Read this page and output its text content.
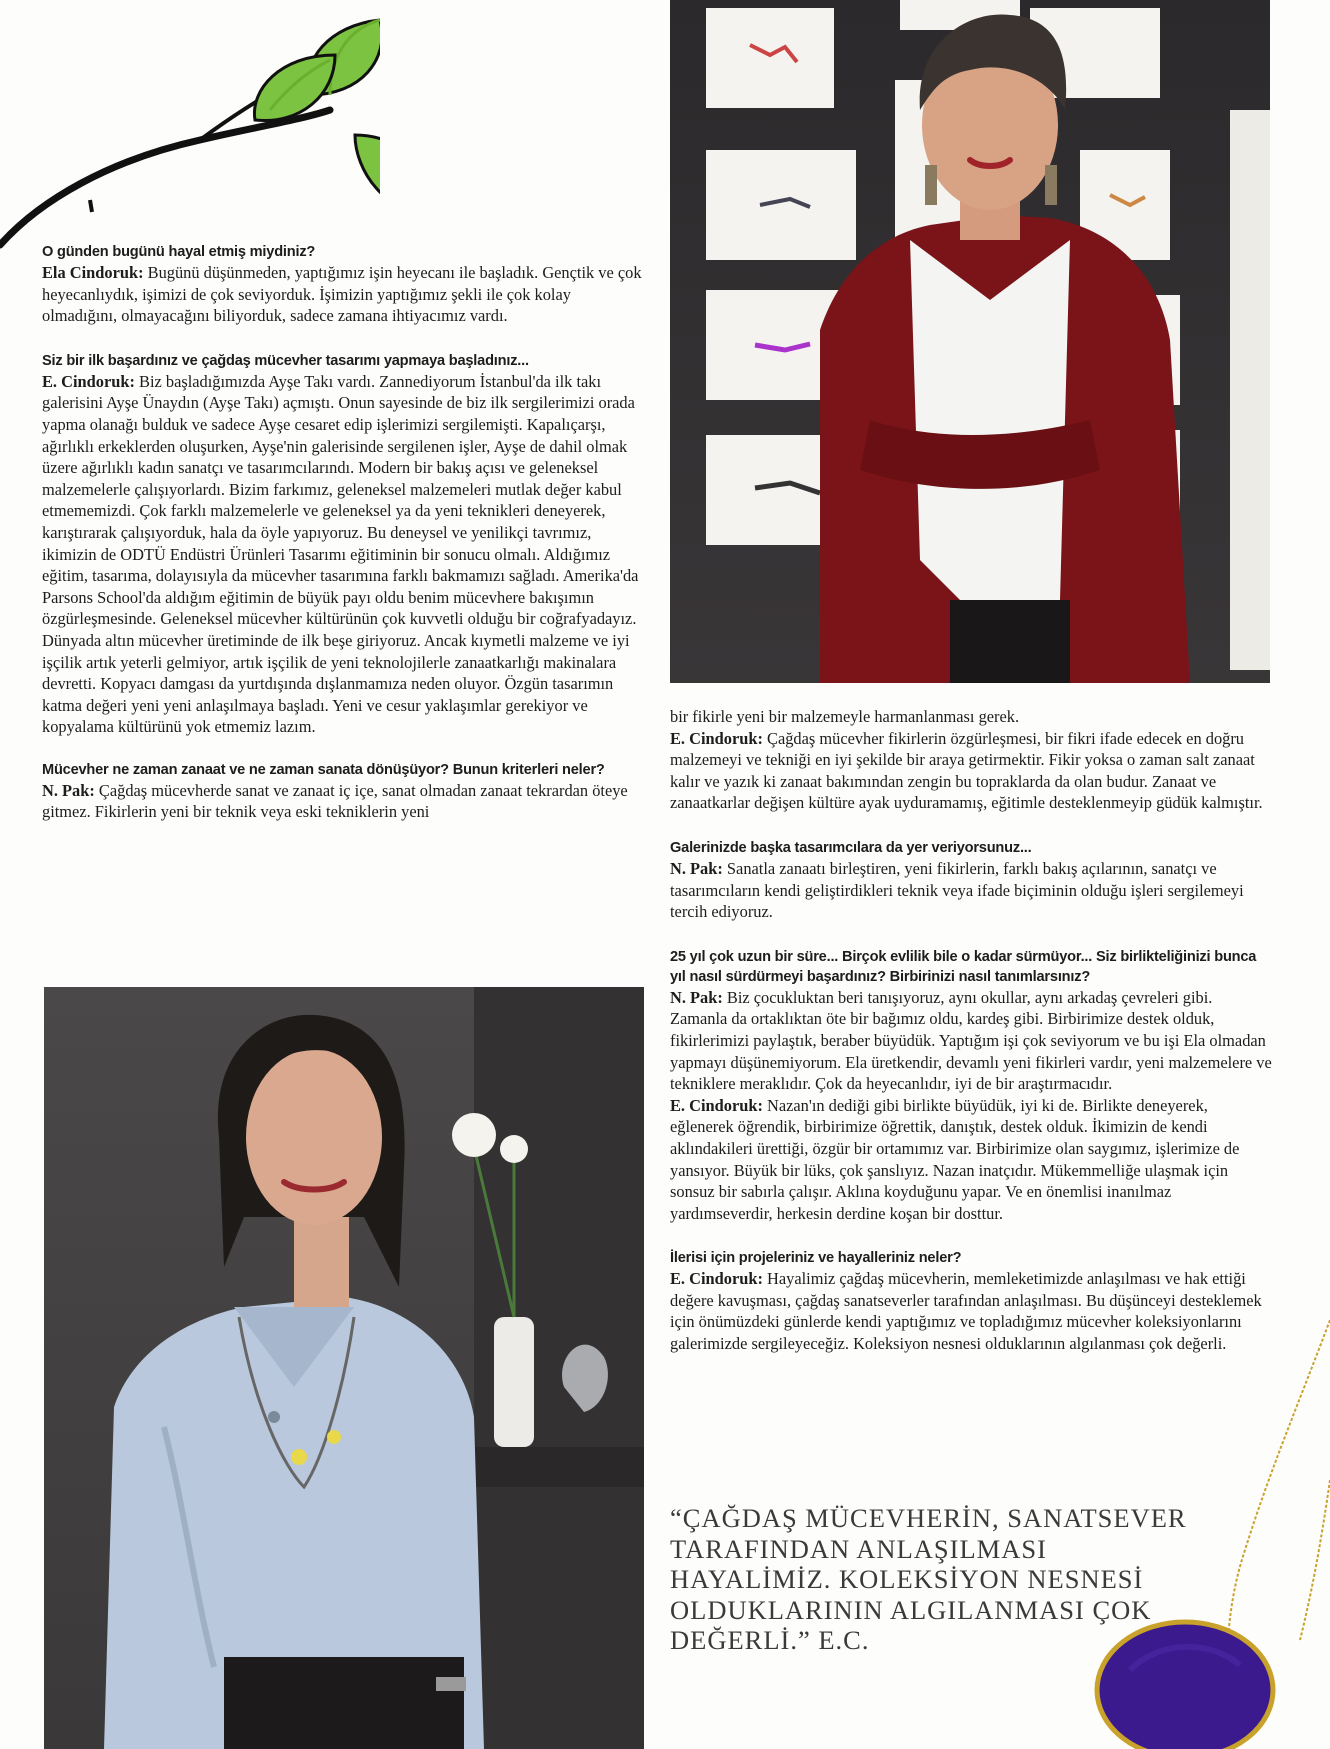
O günden bugünü hayal etmiş miydiniz?

Ela Cindoruk: Bugünü düşünmeden, yaptığımız işin heyecanı ile başladık. Gençtik ve çok heyecanlıydık, işimizi de çok seviyorduk. İşimizin yaptığımız şekli ile çok kolay olmadığını, olmayacağını biliyorduk, sadece zamana ihtiyacımız vardı.

Siz bir ilk başardınız ve çağdaş mücevher tasarımı yapmaya başladınız...

E. Cindoruk: Biz başladığımızda Ayşe Takı vardı. Zannediyorum İstanbul'da ilk takı galerisini Ayşe Ünaydın (Ayşe Takı) açmıştı. Onun sayesinde de biz ilk sergilerimizi orada yapma olanağı bulduk ve sadece Ayşe cesaret edip işlerimizi sergilemişti. Kapalıçarşı, ağırlıklı erkeklerden oluşurken, Ayşe'nin galerisinde sergilenen işler, Ayşe de dahil olmak üzere ağırlıklı kadın sanatçı ve tasarımcılarındı. Modern bir bakış açısı ve geleneksel malzemelerle çalışıyorlardı. Bizim farkımız, geleneksel malzemeleri mutlak değer kabul etmememizdi. Çok farklı malzemelerle ve geleneksel ya da yeni teknikleri deneyerek, karıştırarak çalışıyorduk, hala da öyle yapıyoruz. Bu deneysel ve yenilikçi tavrımız, ikimizin de ODTÜ Endüstri Ürünleri Tasarımı eğitiminin bir sonucu olmalı. Aldığımız eğitim, tasarıma, dolayısıyla da mücevher tasarımına farklı bakmamızı sağladı. Amerika'da Parsons School'da aldığım eğitimin de büyük payı oldu benim mücevhere bakışımın özgürleşmesinde. Geleneksel mücevher kültürünün çok kuvvetli olduğu bir coğrafyadayız. Dünyada altın mücevher üretiminde de ilk beşe giriyoruz. Ancak kıymetli malzeme ve iyi işçilik artık yeterli gelmiyor, artık işçilik de yeni teknolojilerle zanaatkarlığı makinalara devretti. Kopyacı damgası da yurtdışında dışlanmamıza neden oluyor. Özgün tasarımın katma değeri yeni yeni anlaşılmaya başladı. Yeni ve cesur yaklaşımlar gerekiyor ve kopyalama kültürünü yok etmemiz lazım.

Mücevher ne zaman zanaat ve ne zaman sanata dönüşüyor? Bunun kriterleri neler?

N. Pak: Çağdaş mücevherde sanat ve zanaat iç içe, sanat olmadan zanaat tekrardan öteye gitmez. Fikirlerin yeni bir teknik veya eski tekniklerin yeni

bir fikirle yeni bir malzemeyle harmanlanması gerek.

E. Cindoruk: Çağdaş mücevher fikirlerin özgürleşmesi, bir fikri ifade edecek en doğru malzemeyi ve tekniği en iyi şekilde bir araya getirmektir. Fikir yoksa o zaman salt zanaat kalır ve yazık ki zanaat bakımından zengin bu topraklarda da olan budur. Zanaat ve zanaatkarlar değişen kültüre ayak uyduramamış, eğitimle desteklenmeyip güdük kalmıştır.

Galerinizde başka tasarımcılara da yer veriyorsunuz...

N. Pak: Sanatla zanaatı birleştiren, yeni fikirlerin, farklı bakış açılarının, sanatçı ve tasarımcıların kendi geliştirdikleri teknik veya ifade biçiminin olduğu işleri sergilemeyi tercih ediyoruz.

25 yıl çok uzun bir süre... Birçok evlilik bile o kadar sürmüyor... Siz birlikteliğinizi bunca yıl nasıl sürdürmeyi başardınız? Birbirinizi nasıl tanımlarsınız?

N. Pak: Biz çocukluktan beri tanışıyoruz, aynı okullar, aynı arkadaş çevreleri gibi. Zamanla da ortaklıktan öte bir bağımız oldu, kardeş gibi. Birbirimize destek olduk, fikirlerimizi paylaştık, beraber büyüdük. Yaptığım işi çok seviyorum ve bu işi Ela olmadan yapmayı düşünemiyorum. Ela üretkendir, devamlı yeni fikirleri vardır, yeni malzemelere ve tekniklere meraklıdır. Çok da heyecanlıdır, iyi de bir araştırmacıdır.

E. Cindoruk: Nazan'ın dediği gibi birlikte büyüdük, iyi ki de. Birlikte deneyerek, eğlenerek öğrendik, birbirimize öğrettik, danıştık, destek olduk. İkimizin de kendi aklındakileri ürettiği, özgür bir ortamımız var. Birbirimize olan saygımız, işlerimize de yansıyor. Büyük bir lüks, çok şanslıyız. Nazan inatçıdır. Mükemmelliğe ulaşmak için sonsuz bir sabırla çalışır. Aklına koyduğunu yapar. Ve en önemlisi inanılmaz yardımseverdir, herkesin derdine koşan bir dosttur.

İlerisi için projeleriniz ve hayalleriniz neler?

E. Cindoruk: Hayalimiz çağdaş mücevherin, memleketimizde anlaşılması ve hak ettiği değere kavuşması, çağdaş sanatseverler tarafından anlaşılması. Bu düşünceyi desteklemek için önümüzdeki günlerde kendi yaptığımız ve topladığımız mücevher koleksiyonlarını galerimizde sergileyeceğiz. Koleksiyon nesnesi olduklarının algılanması çok değerli.

“ÇAĞDAŞ MÜCEVHERİN, SANATSEVER TARAFINDAN ANLAŞILMASI HAYALİMİZ. KOLEKSİYON NESNESİ OLDUKLARININ ALGILANMASI ÇOK DEĞERLİ.” E.C.
